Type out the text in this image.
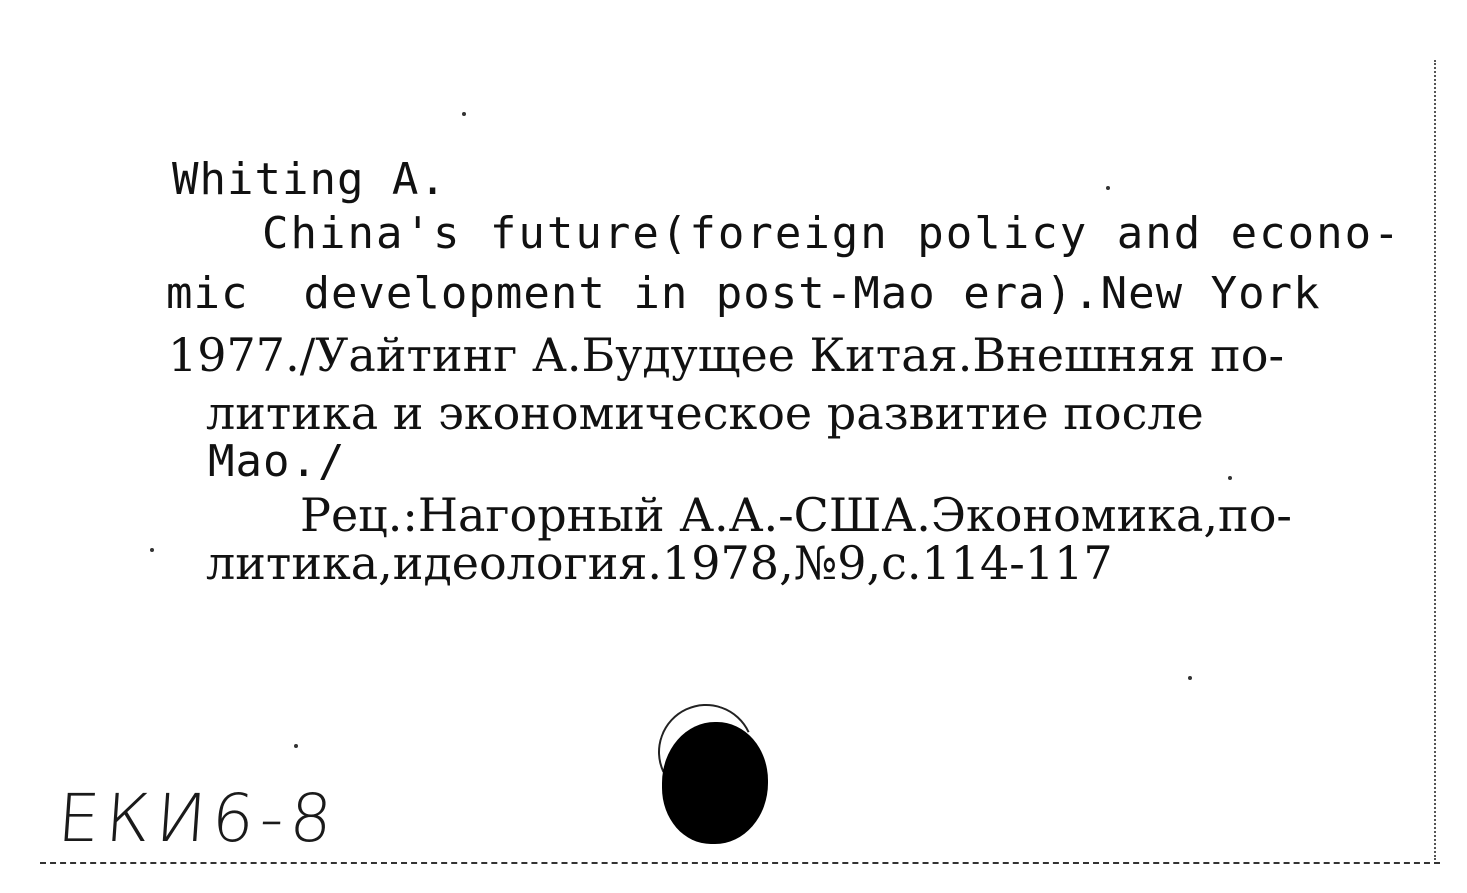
Whiting A.
China's future(foreign policy and econo-
mic  development in post-Mao era).New York
1977./Уайтинг А.Будущее Китая.Внешняя по-
литика и экономическое развитие после
Мао./
Рец.:Нагорный А.А.-США.Экономика,по-
литика,идеология.1978,№9,с.114-117
ЕКИ6-8
